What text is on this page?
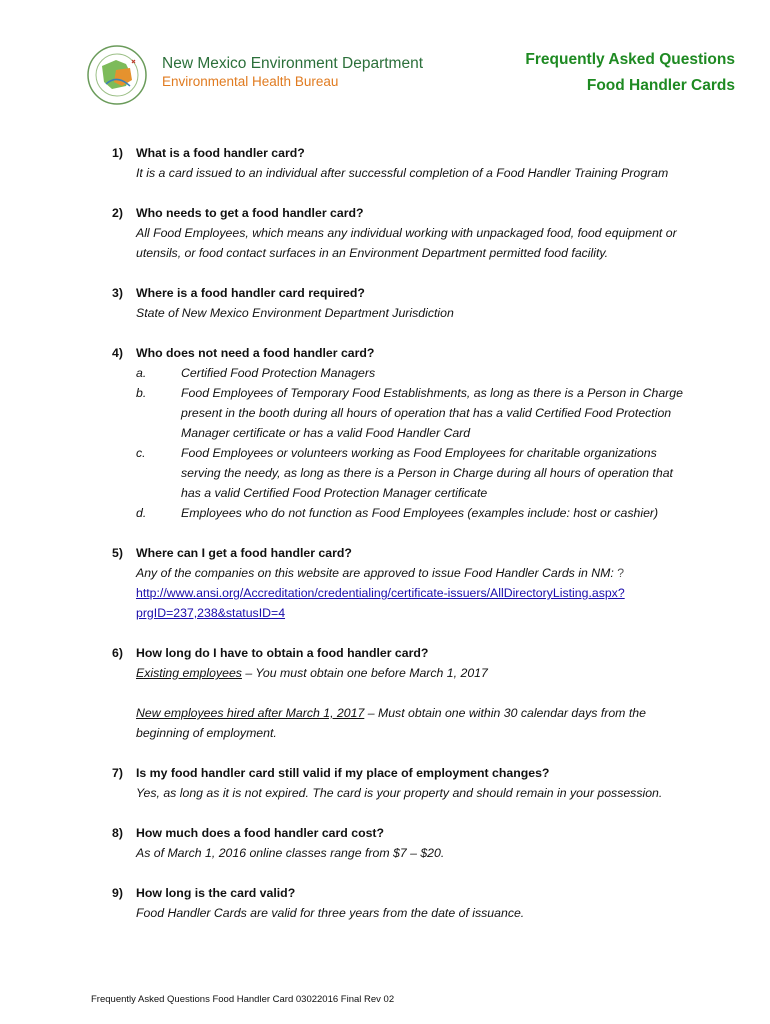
New Mexico Environment Department
Environmental Health Bureau
Frequently Asked Questions
Food Handler Cards
1)	What is a food handler card?
It is a card issued to an individual after successful completion of a Food Handler Training Program
2)	Who needs to get a food handler card?
All Food Employees, which means any individual working with unpackaged food, food equipment or utensils, or food contact surfaces in an Environment Department permitted food facility.
3)	Where is a food handler card required?
State of New Mexico Environment Department Jurisdiction
4)	Who does not need a food handler card?
a.	Certified Food Protection Managers
b.	Food Employees of Temporary Food Establishments, as long as there is a Person in Charge present in the booth during all hours of operation that has a valid Certified Food Protection Manager certificate or has a valid Food Handler Card
c.	Food Employees or volunteers working as Food Employees for charitable organizations serving the needy, as long as there is a Person in Charge during all hours of operation that has a valid Certified Food Protection Manager certificate
d.	Employees who do not function as Food Employees (examples include: host or cashier)
5)	Where can I get a food handler card?
Any of the companies on this website are approved to issue Food Handler Cards in NM: ?
http://www.ansi.org/Accreditation/credentialing/certificate-issuers/AllDirectoryListing.aspx?prgID=237,238&statusID=4
6)	How long do I have to obtain a food handler card?
Existing employees – You must obtain one before March 1, 2017
New employees hired after March 1, 2017 – Must obtain one within 30 calendar days from the beginning of employment.
7)	Is my food handler card still valid if my place of employment changes?
Yes, as long as it is not expired. The card is your property and should remain in your possession.
8)	How much does a food handler card cost?
As of March 1, 2016 online classes range from $7 – $20.
9)	How long is the card valid?
Food Handler Cards are valid for three years from the date of issuance.
Frequently Asked Questions Food Handler Card 03022016 Final Rev 02
